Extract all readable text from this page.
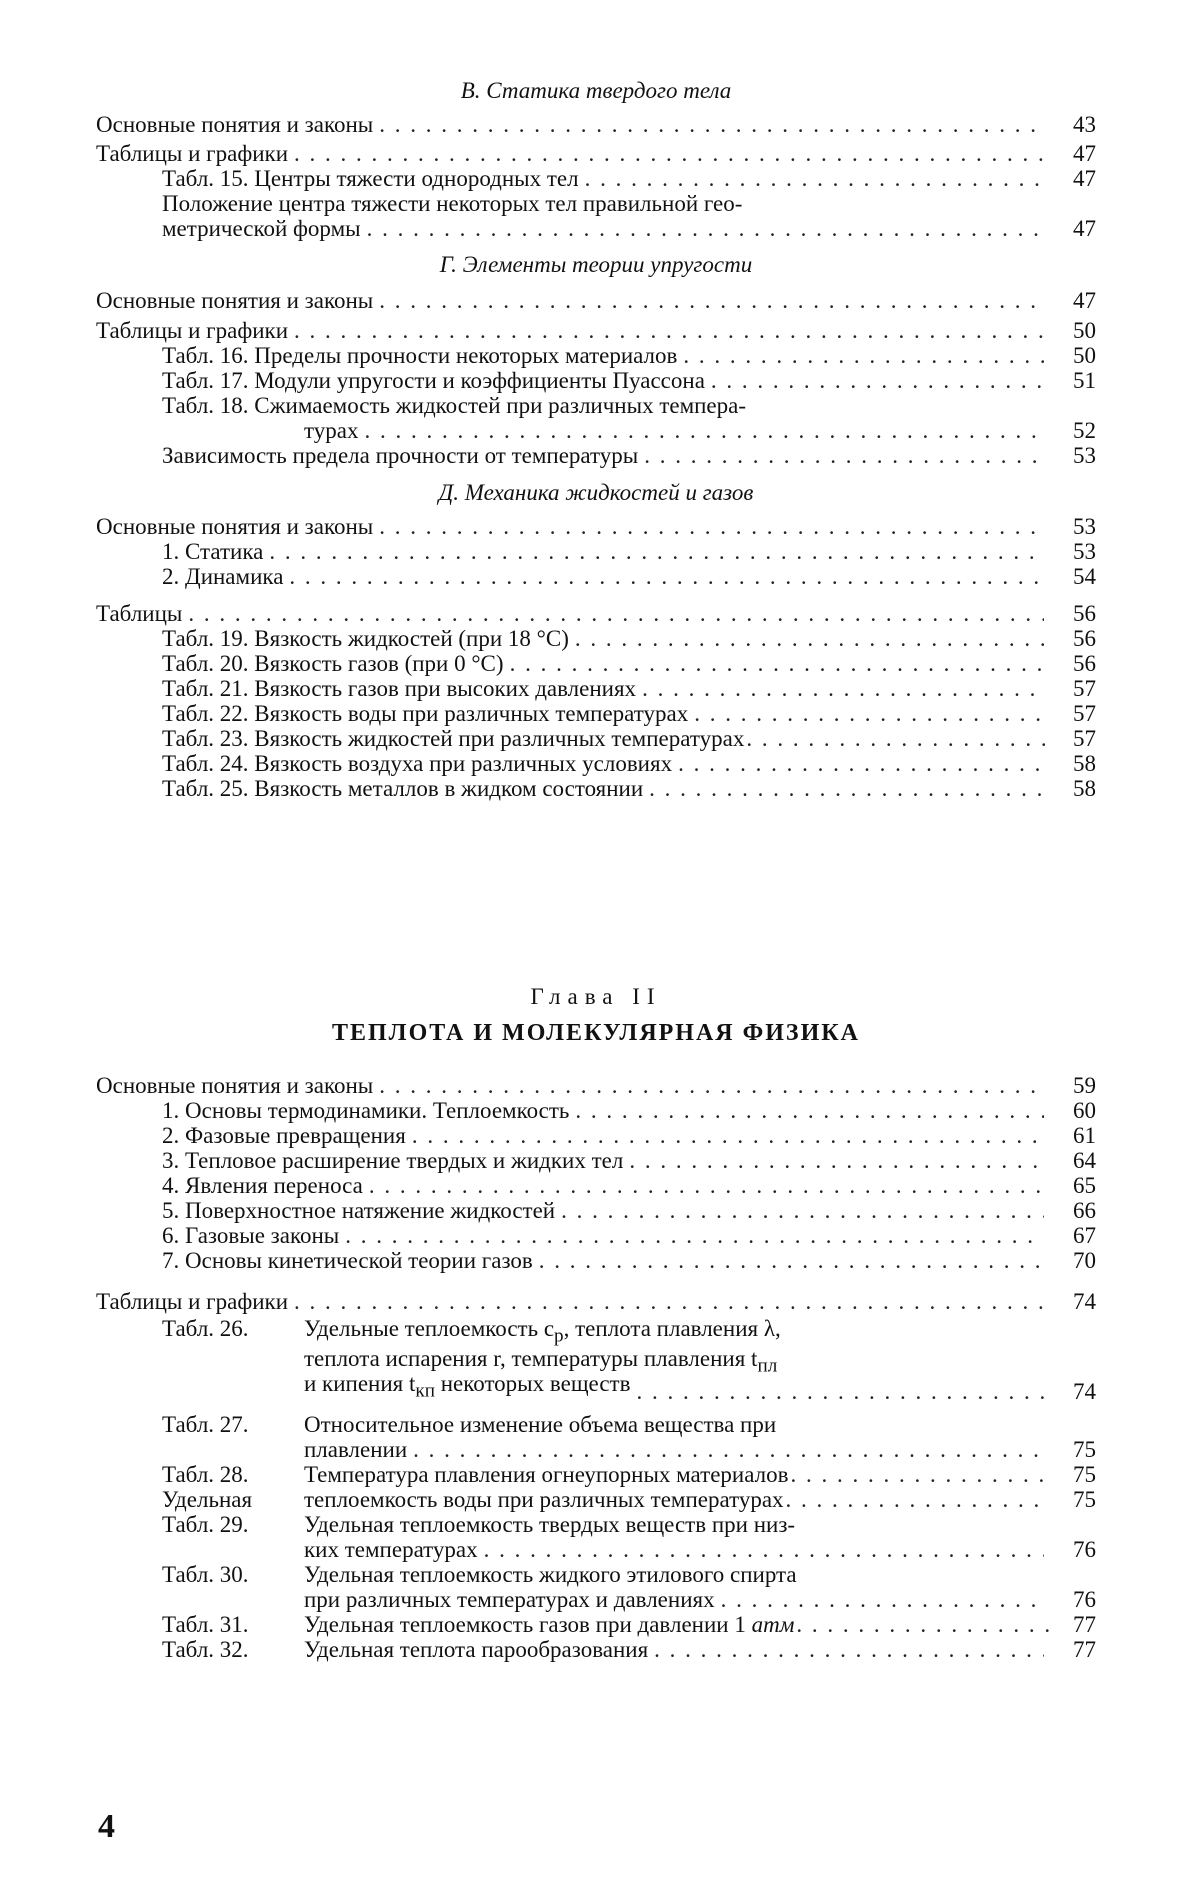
В. Статика твердого тела

Основные понятия и законы . . .	43
Таблицы и графики . . .	47
Табл. 15. Центры тяжести однородных тел . . .	47
Положение центра тяжести некоторых тел правильной гео-
метрической формы . . .	47

Г. Элементы теории упругости

Основные понятия и законы . . .	47
Таблицы и графики . . .	50
Табл. 16. Пределы прочности некоторых материалов . . .	50
Табл. 17. Модули упругости и коэффициенты Пуассона . . .	51
Табл. 18. Сжимаемость жидкостей при различных темпера-
турах . . .	52
Зависимость предела прочности от температуры . . .	53

Д. Механика жидкостей и газов

Основные понятия и законы . . .	53
1. Статика . . .	53
2. Динамика . . .	54
Таблицы . . .	56
Табл. 19. Вязкость жидкостей (при 18 °С) . . .	56
Табл. 20. Вязкость газов (при 0 °С) . . .	56
Табл. 21. Вязкость газов при высоких давлениях . . .	57
Табл. 22. Вязкость воды при различных температурах . . .	57
Табл. 23. Вязкость жидкостей при различных температурах . . .	57
Табл. 24. Вязкость воздуха при различных условиях . . .	58
Табл. 25. Вязкость металлов в жидком состоянии . . .	58

Глава II

ТЕПЛОТА И МОЛЕКУЛЯРНАЯ ФИЗИКА

Основные понятия и законы . . .	59
1. Основы термодинамики. Теплоемкость . . .	60
2. Фазовые превращения . . .	61
3. Тепловое расширение твердых и жидких тел . . .	64
4. Явления переноса . . .	65
5. Поверхностное натяжение жидкостей . . .	66
6. Газовые законы . . .	67
7. Основы кинетической теории газов . . .	70
Таблицы и графики . . .	74
Табл. 26. Удельные теплоемкость $c_p$, теплота плавления λ,
теплота испарения r, температуры плавления $t_{пл}$
и кипения $t_{кп}$ некоторых веществ . . .	74
Табл. 27. Относительное изменение объема вещества при
плавлении . . .	75
Табл. 28. Температура плавления огнеупорных материалов . . .	75
Удельная теплоемкость воды при различных температурах . . .	75
Табл. 29. Удельная теплоемкость твердых веществ при низ-
ких температурах . . .	76
Табл. 30. Удельная теплоемкость жидкого этилового спирта
при различных температурах и давлениях . . .	76
Табл. 31. Удельная теплоемкость газов при давлении 1 атм . . .	77
Табл. 32. Удельная теплота парообразования . . .	77
4
